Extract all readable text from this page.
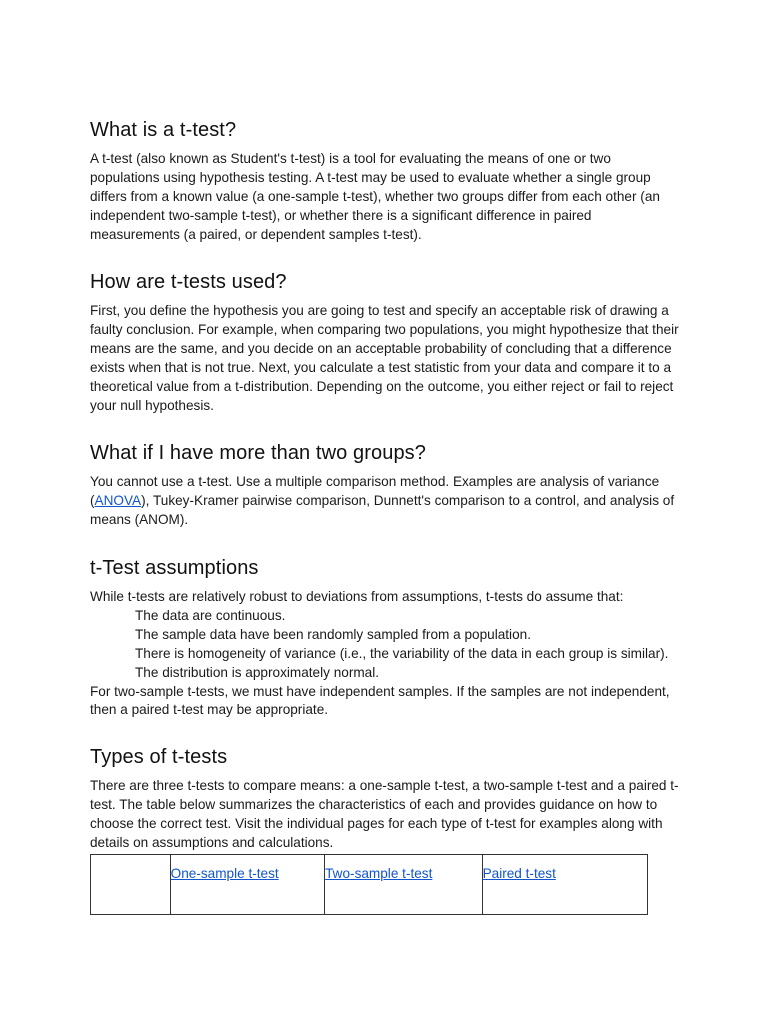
What is a t-test?

A t-test (also known as Student's t-test) is a tool for evaluating the means of one or two populations using hypothesis testing. A t-test may be used to evaluate whether a single group differs from a known value (a one-sample t-test), whether two groups differ from each other (an independent two-sample t-test), or whether there is a significant difference in paired measurements (a paired, or dependent samples t-test).

How are t-tests used?

First, you define the hypothesis you are going to test and specify an acceptable risk of drawing a faulty conclusion. For example, when comparing two populations, you might hypothesize that their means are the same, and you decide on an acceptable probability of concluding that a difference exists when that is not true. Next, you calculate a test statistic from your data and compare it to a theoretical value from a t-distribution. Depending on the outcome, you either reject or fail to reject your null hypothesis.

What if I have more than two groups?

You cannot use a t-test. Use a multiple comparison method. Examples are analysis of variance (ANOVA), Tukey-Kramer pairwise comparison, Dunnett's comparison to a control, and analysis of means (ANOM).

t-Test assumptions

While t-tests are relatively robust to deviations from assumptions, t-tests do assume that:

The data are continuous.
The sample data have been randomly sampled from a population.
There is homogeneity of variance (i.e., the variability of the data in each group is similar).
The distribution is approximately normal.

For two-sample t-tests, we must have independent samples. If the samples are not independent, then a paired t-test may be appropriate.

Types of t-tests

There are three t-tests to compare means: a one-sample t-test, a two-sample t-test and a paired t-test. The table below summarizes the characteristics of each and provides guidance on how to choose the correct test. Visit the individual pages for each type of t-test for examples along with details on assumptions and calculations.

	One-sample t-test	Two-sample t-test	Paired t-test
